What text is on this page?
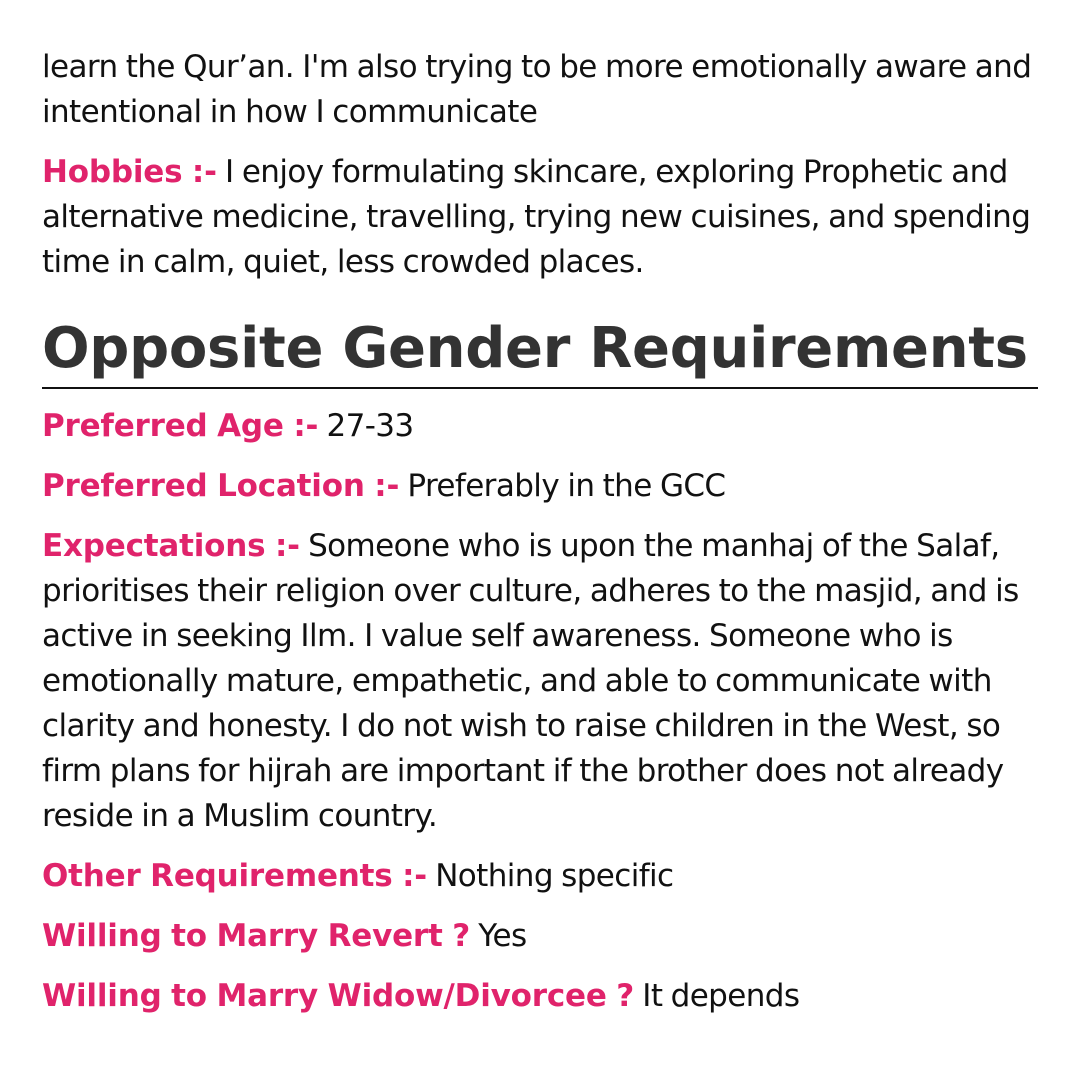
learn the Qur’an. I'm also trying to be more emotionally aware and intentional in how I communicate

Hobbies :- I enjoy formulating skincare, exploring Prophetic and alternative medicine, travelling, trying new cuisines, and spending time in calm, quiet, less crowded places.

Opposite Gender Requirements

Preferred Age :- 27-33

Preferred Location :- Preferably in the GCC

Expectations :- Someone who is upon the manhaj of the Salaf, prioritises their religion over culture, adheres to the masjid, and is active in seeking Ilm. I value self awareness. Someone who is emotionally mature, empathetic, and able to communicate with clarity and honesty. I do not wish to raise children in the West, so firm plans for hijrah are important if the brother does not already reside in a Muslim country.

Other Requirements :- Nothing specific

Willing to Marry Revert ? Yes

Willing to Marry Widow/Divorcee ? It depends
